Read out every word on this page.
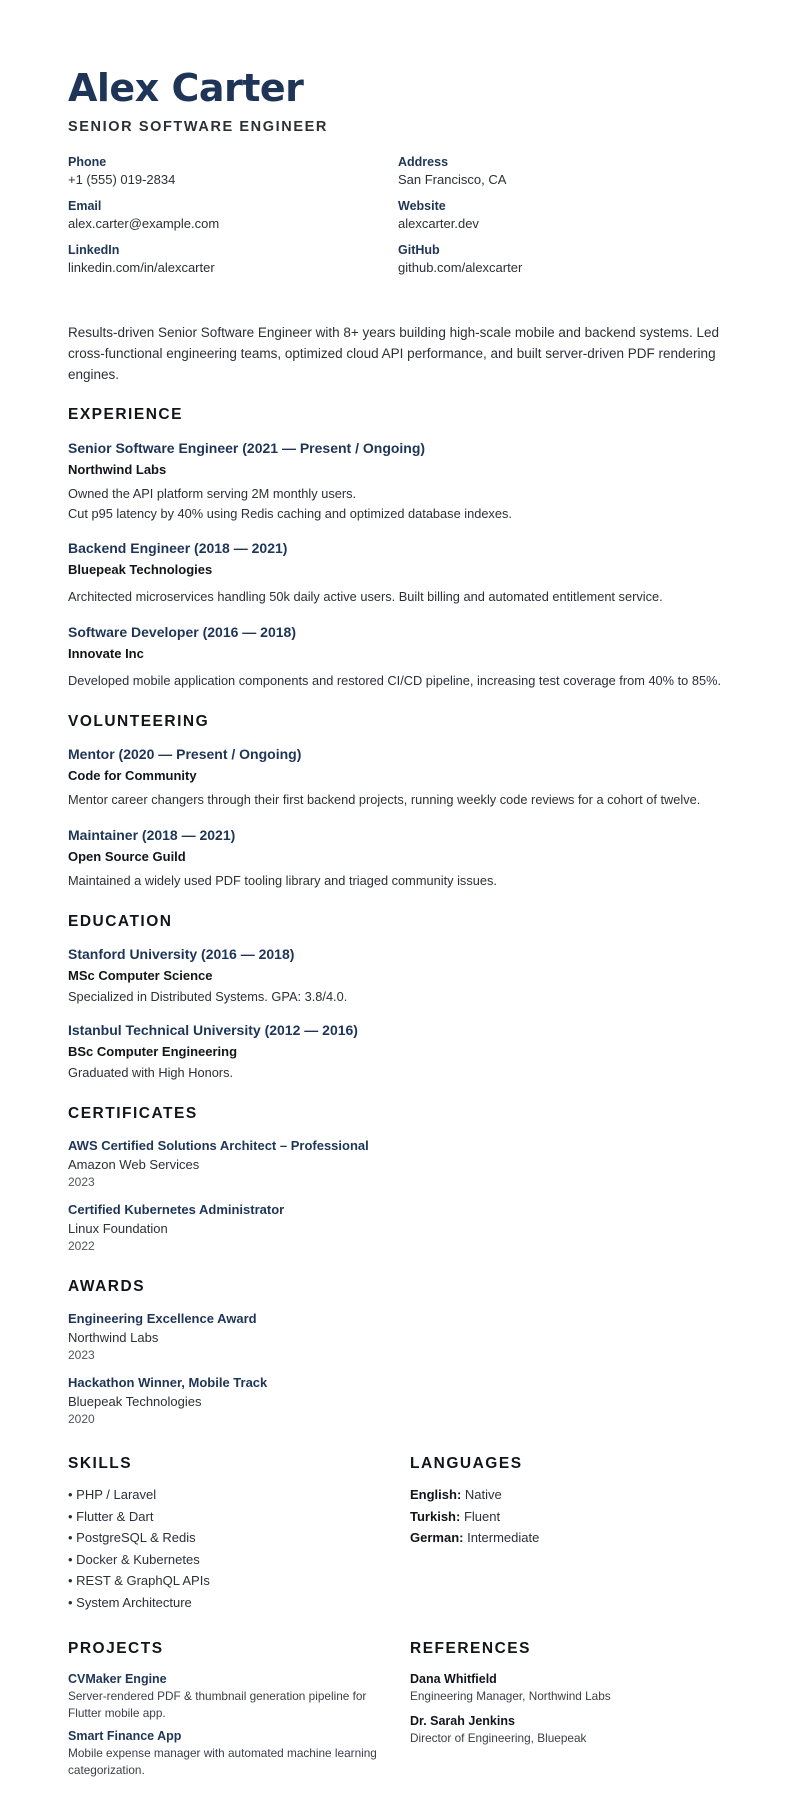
Alex Carter
SENIOR SOFTWARE ENGINEER
Phone
+1 (555) 019-2834
Address
San Francisco, CA
Email
alex.carter@example.com
Website
alexcarter.dev
LinkedIn
linkedin.com/in/alexcarter
GitHub
github.com/alexcarter

Results-driven Senior Software Engineer with 8+ years building high-scale mobile and backend systems. Led cross-functional engineering teams, optimized cloud API performance, and built server-driven PDF rendering engines.

EXPERIENCE
Senior Software Engineer (2021 — Present / Ongoing)
Northwind Labs
Owned the API platform serving 2M monthly users.
Cut p95 latency by 40% using Redis caching and optimized database indexes.
Backend Engineer (2018 — 2021)
Bluepeak Technologies
Architected microservices handling 50k daily active users. Built billing and automated entitlement service.
Software Developer (2016 — 2018)
Innovate Inc
Developed mobile application components and restored CI/CD pipeline, increasing test coverage from 40% to 85%.
VOLUNTEERING
Mentor (2020 — Present / Ongoing)
Code for Community
Mentor career changers through their first backend projects, running weekly code reviews for a cohort of twelve.
Maintainer (2018 — 2021)
Open Source Guild
Maintained a widely used PDF tooling library and triaged community issues.
EDUCATION
Stanford University (2016 — 2018)
MSc Computer Science
Specialized in Distributed Systems. GPA: 3.8/4.0.
Istanbul Technical University (2012 — 2016)
BSc Computer Engineering
Graduated with High Honors.
CERTIFICATES
AWS Certified Solutions Architect – Professional
Amazon Web Services
2023
Certified Kubernetes Administrator
Linux Foundation
2022
AWARDS
Engineering Excellence Award
Northwind Labs
2023
Hackathon Winner, Mobile Track
Bluepeak Technologies
2020
SKILLS
• PHP / Laravel
• Flutter & Dart
• PostgreSQL & Redis
• Docker & Kubernetes
• REST & GraphQL APIs
• System Architecture
LANGUAGES
English: Native
Turkish: Fluent
German: Intermediate
PROJECTS
CVMaker Engine
Server-rendered PDF & thumbnail generation pipeline for Flutter mobile app.
Smart Finance App
Mobile expense manager with automated machine learning categorization.
REFERENCES
Dana Whitfield
Engineering Manager, Northwind Labs
Dr. Sarah Jenkins
Director of Engineering, Bluepeak
